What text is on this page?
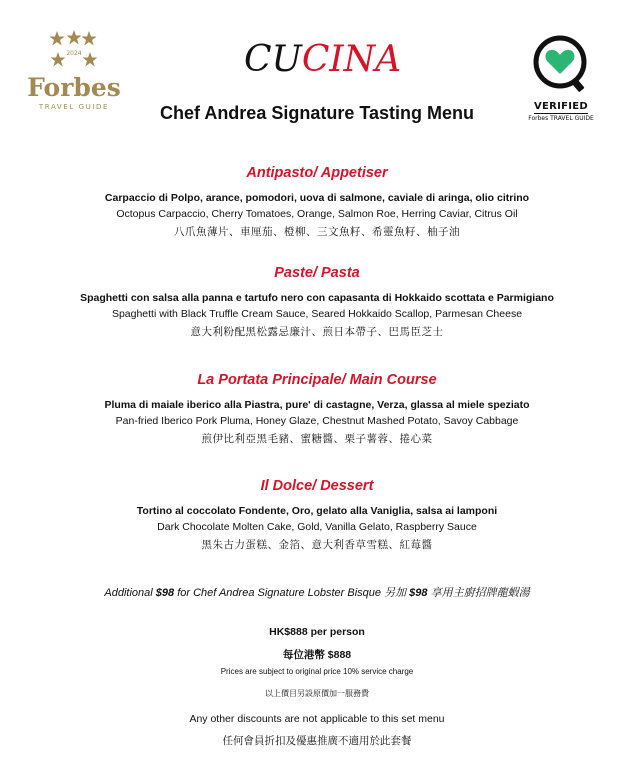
2024
Forbes
TRAVEL GUIDE
CUCINA
VERIFIED
Forbes TRAVEL GUIDE
Chef Andrea Signature Tasting Menu
Antipasto/ Appetiser
Carpaccio di Polpo, arance, pomodori, uova di salmone, caviale di aringa, olio citrino
Octopus Carpaccio, Cherry Tomatoes, Orange, Salmon Roe, Herring Caviar, Citrus Oil
八爪魚薄片、車厘茄、橙柳、三文魚籽、希靈魚籽、柚子油
Paste/ Pasta
Spaghetti con salsa alla panna e tartufo nero con capasanta di Hokkaido scottata e Parmigiano
Spaghetti with Black Truffle Cream Sauce, Seared Hokkaido Scallop, Parmesan Cheese
意大利粉配黑松露忌廉汁、煎日本帶子、巴馬臣芝士
La Portata Principale/ Main Course
Pluma di maiale iberico alla Piastra, pure' di castagne, Verza, glassa al miele speziato
Pan-fried Iberico Pork Pluma, Honey Glaze, Chestnut Mashed Potato, Savoy Cabbage
煎伊比利亞黑毛豬、蜜糖醬、栗子薯蓉、捲心菜
Il Dolce/ Dessert
Tortino al coccolato Fondente, Oro, gelato alla Vaniglia, salsa ai lamponi
Dark Chocolate Molten Cake, Gold, Vanilla Gelato, Raspberry Sauce
黑朱古力蛋糕、金箔、意大利香草雪糕、紅莓醬
Additional $98 for Chef Andrea Signature Lobster Bisque 另加 $98 享用主廚招牌龍蝦湯
HK$888 per person
每位港幣 $888
Prices are subject to original price 10% service charge
以上價目另設原價加一服務費
Any other discounts are not applicable to this set menu
任何會員折扣及優惠推廣不適用於此套餐
